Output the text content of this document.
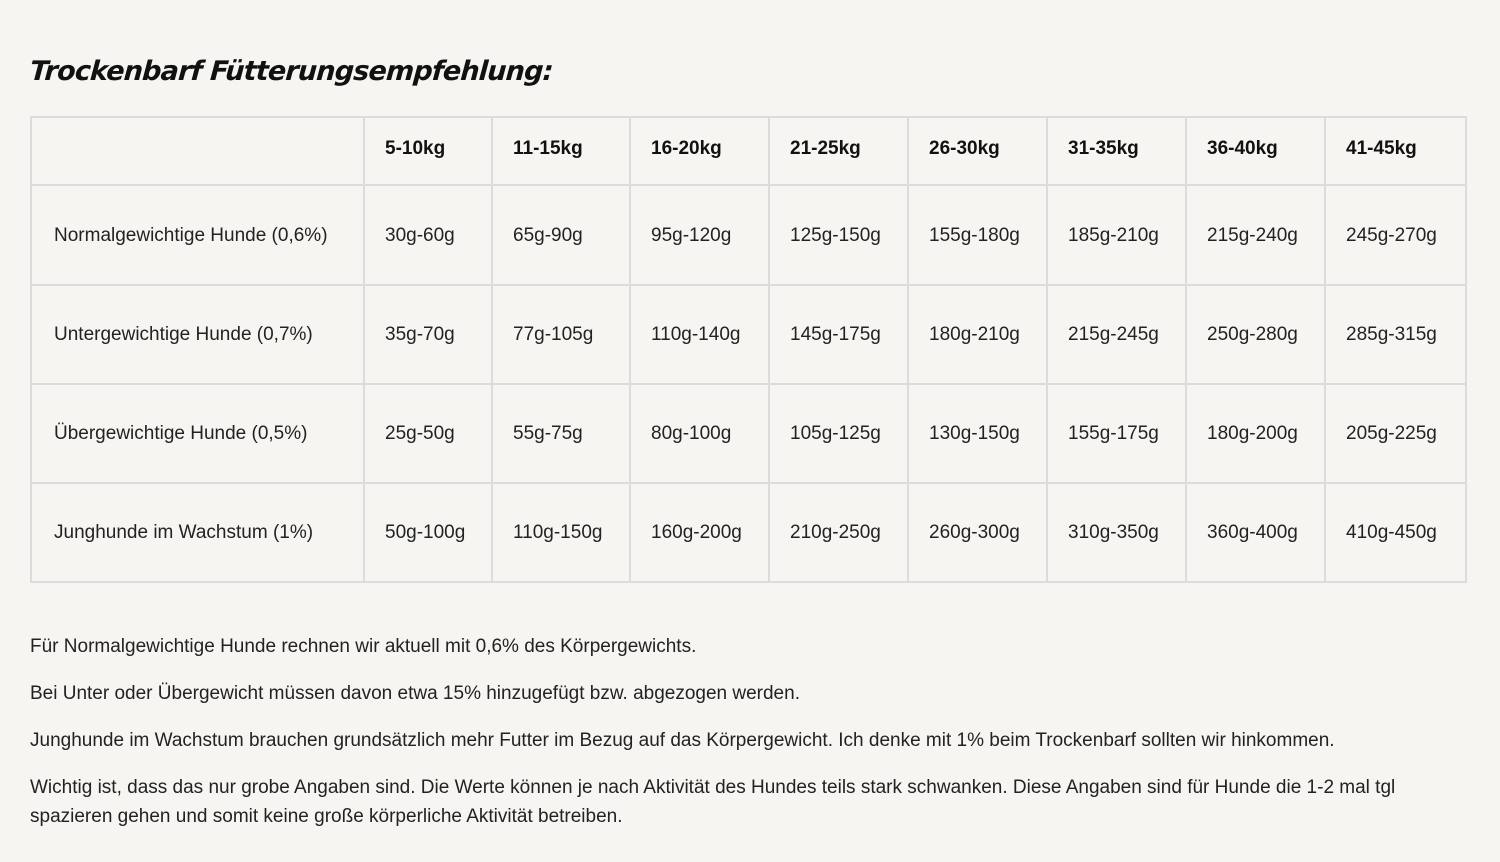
Trockenbarf Fütterungsempfehlung:
	5-10kg	11-15kg	16-20kg	21-25kg	26-30kg	31-35kg	36-40kg	41-45kg
Normalgewichtige Hunde (0,6%)	30g-60g	65g-90g	95g-120g	125g-150g	155g-180g	185g-210g	215g-240g	245g-270g
Untergewichtige Hunde (0,7%)	35g-70g	77g-105g	110g-140g	145g-175g	180g-210g	215g-245g	250g-280g	285g-315g
Übergewichtige Hunde (0,5%)	25g-50g	55g-75g	80g-100g	105g-125g	130g-150g	155g-175g	180g-200g	205g-225g
Junghunde im Wachstum (1%)	50g-100g	110g-150g	160g-200g	210g-250g	260g-300g	310g-350g	360g-400g	410g-450g

Für Normalgewichtige Hunde rechnen wir aktuell mit 0,6% des Körpergewichts.

Bei Unter oder Übergewicht müssen davon etwa 15% hinzugefügt bzw. abgezogen werden.

Junghunde im Wachstum brauchen grundsätzlich mehr Futter im Bezug auf das Körpergewicht. Ich denke mit 1% beim Trockenbarf sollten wir hinkommen.

Wichtig ist, dass das nur grobe Angaben sind. Die Werte können je nach Aktivität des Hundes teils stark schwanken. Diese Angaben sind für Hunde die 1-2 mal tgl spazieren gehen und somit keine große körperliche Aktivität betreiben.
